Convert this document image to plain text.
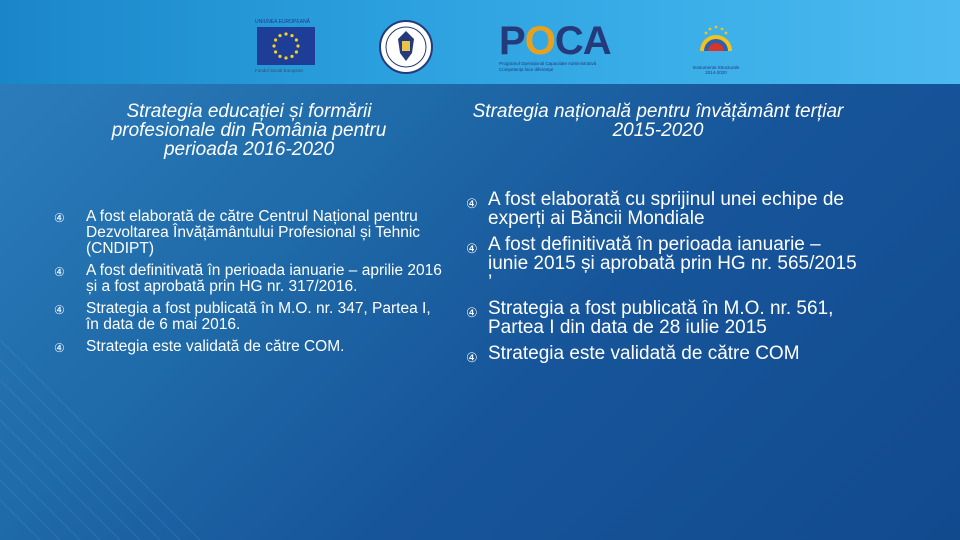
UNIUNEA EUROPEANĂ
Fondul Social European
POCA
Programul Operațional Capacitate Administrativă
Competența face diferența!	Instrumente Structurale
2014-2020
Strategia educației și formării profesionale din România pentru perioada 2016-2020
Strategia națională pentru învățământ terțiar 2015-2020
④ A fost elaborată de către Centrul Național pentru Dezvoltarea Învățământului Profesional și Tehnic (CNDIPT)
④ A fost definitivată în perioada ianuarie – aprilie 2016 și a fost aprobată prin HG nr. 317/2016.
④ Strategia a fost publicată în M.O. nr. 347, Partea I, în data de 6 mai 2016.
④ Strategia este validată de către COM.
④ A fost elaborată cu sprijinul unei echipe de experți ai Băncii Mondiale
④ A fost definitivată în perioada ianuarie – iunie 2015 și aprobată prin HG nr. 565/2015 ’
④ Strategia a fost publicată în M.O. nr. 561, Partea I din data de 28 iulie 2015
④ Strategia este validată de către COM
